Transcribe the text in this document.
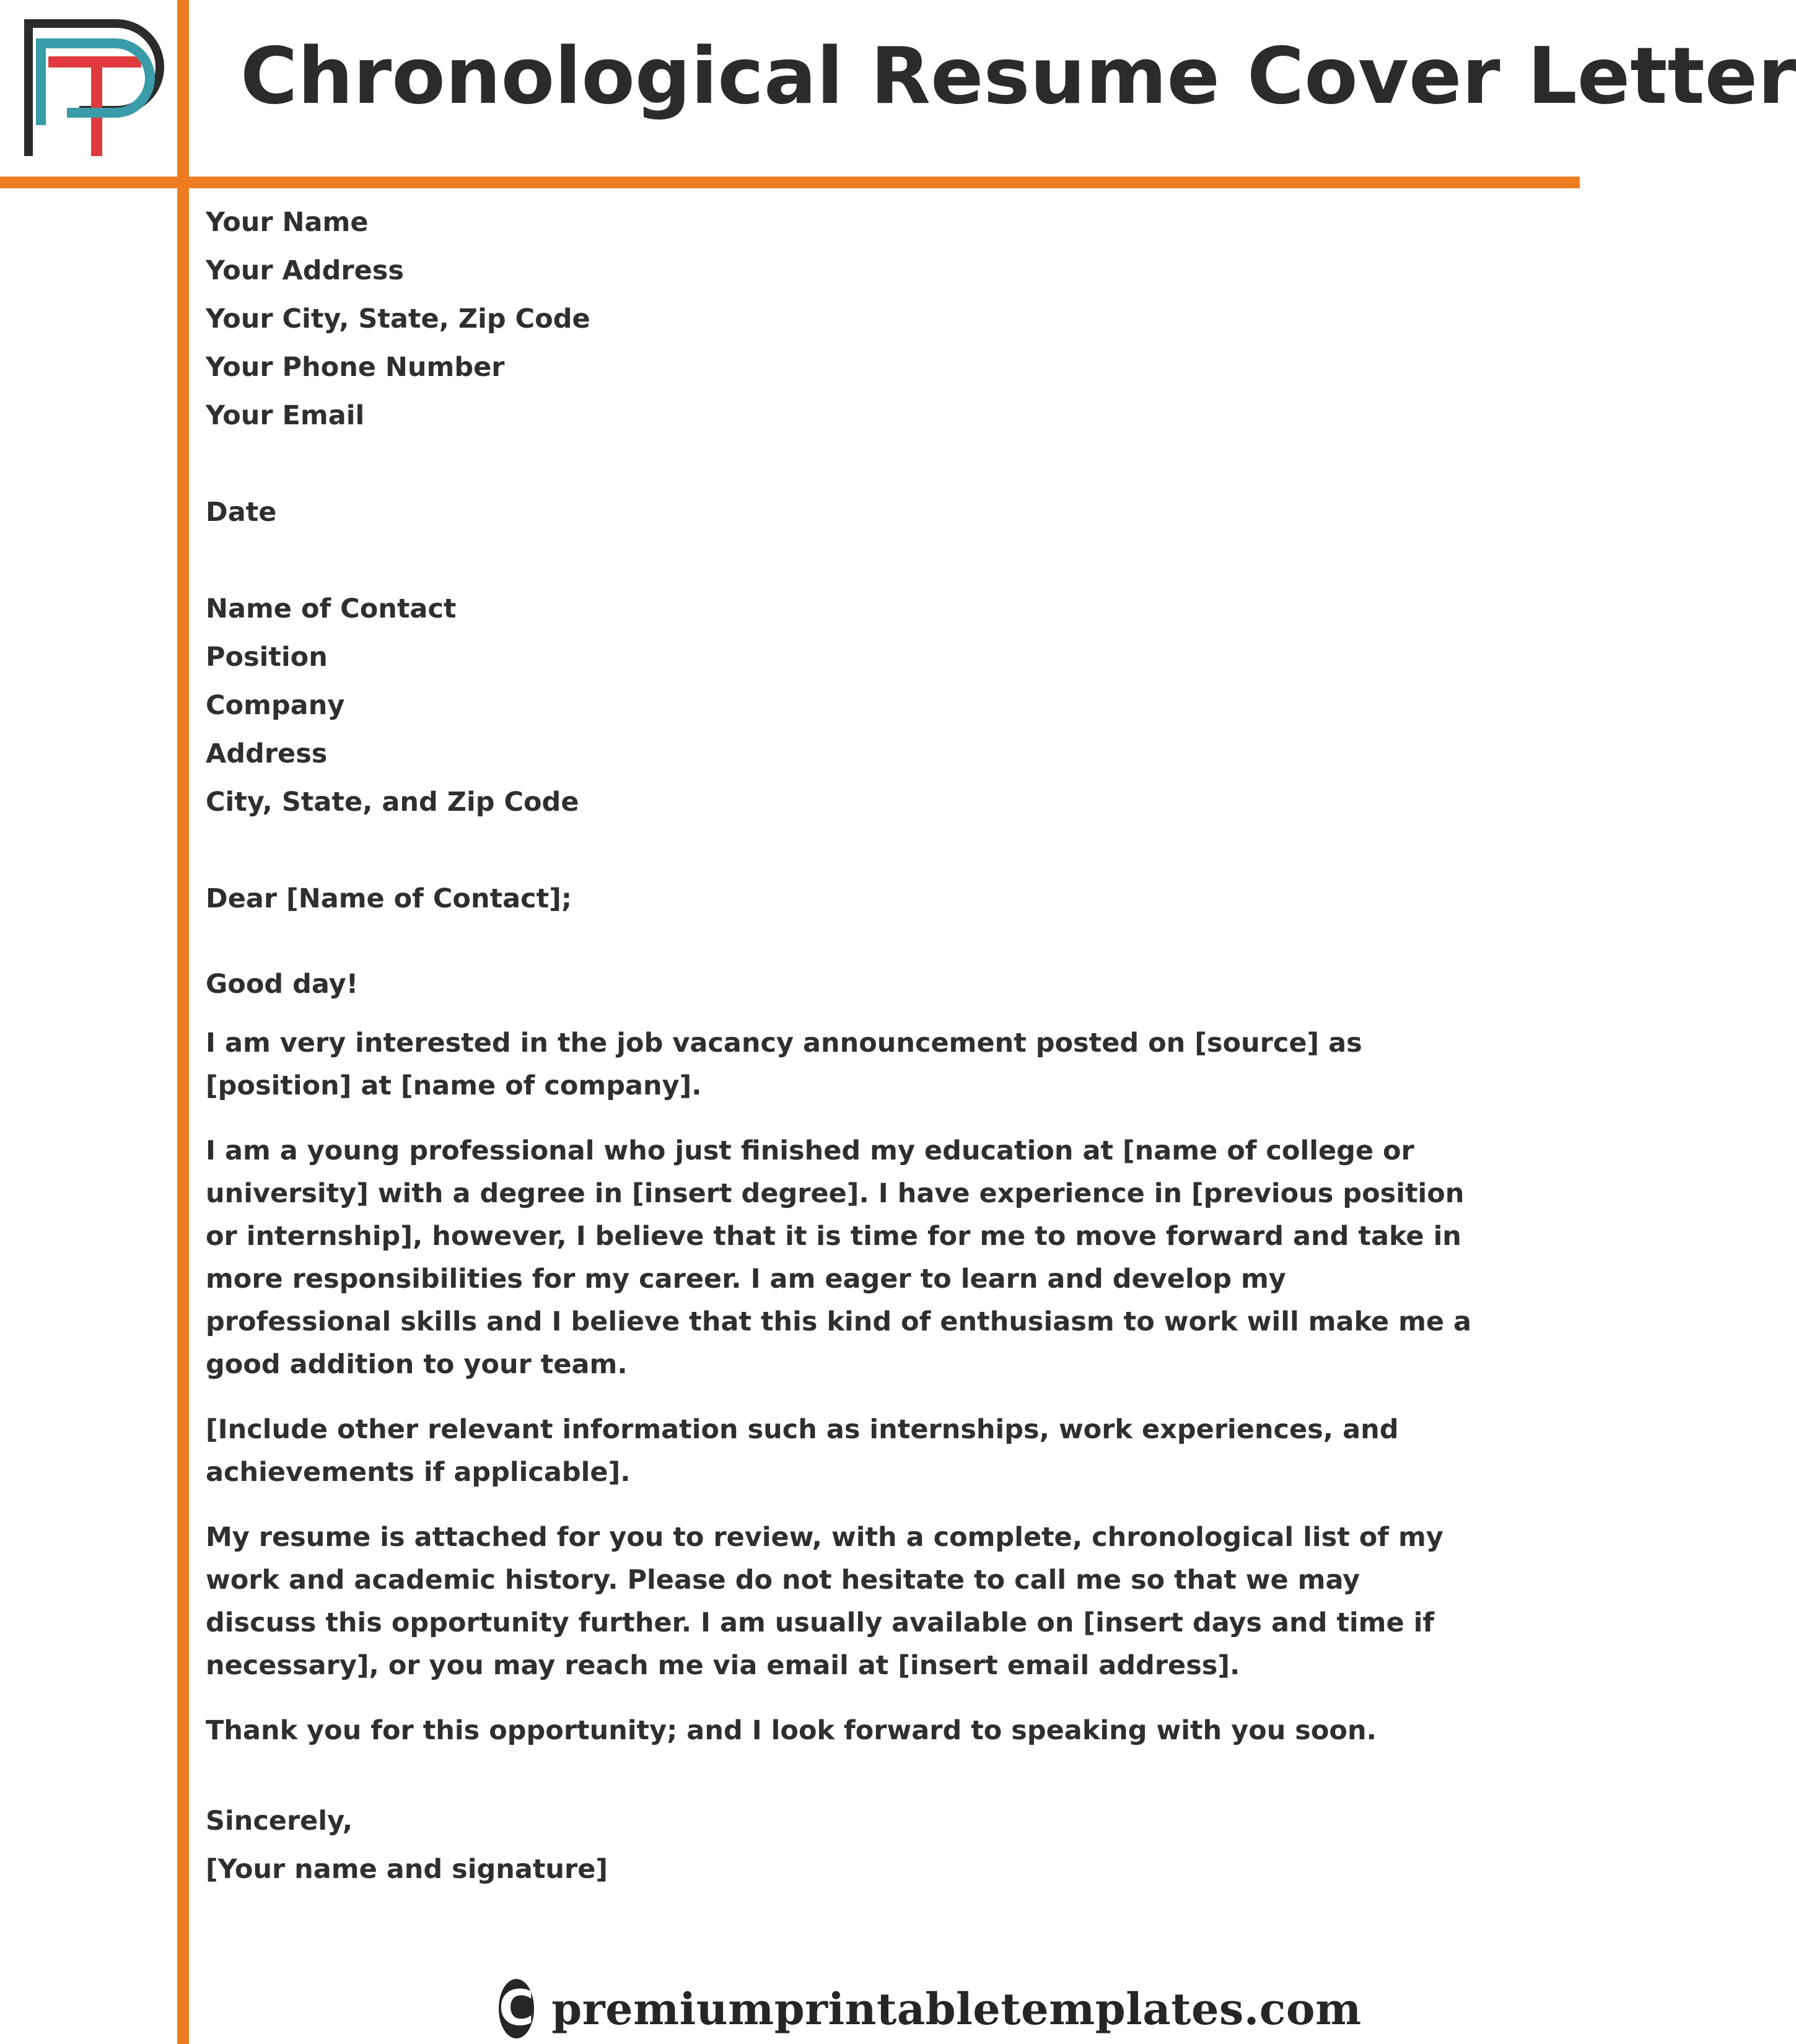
Chronological Resume Cover Letter
Your Name
Your Address
Your City, State, Zip Code
Your Phone Number
Your Email
Date
Name of Contact
Position
Company
Address
City, State, and Zip Code
Dear [Name of Contact];
Good day!

I am very interested in the job vacancy announcement posted on [source] as [position] at [name of company].

I am a young professional who just finished my education at [name of college or university] with a degree in [insert degree]. I have experience in [previous position or internship], however, I believe that it is time for me to move forward and take in more responsibilities for my career. I am eager to learn and develop my professional skills and I believe that this kind of enthusiasm to work will make me a good addition to your team.

[Include other relevant information such as internships, work experiences, and achievements if applicable].

My resume is attached for you to review, with a complete, chronological list of my work and academic history. Please do not hesitate to call me so that we may discuss this opportunity further. I am usually available on [insert days and time if necessary], or you may reach me via email at [insert email address].

Thank you for this opportunity; and I look forward to speaking with you soon.

Sincerely,
[Your name and signature]
C premiumprintabletemplates.com
